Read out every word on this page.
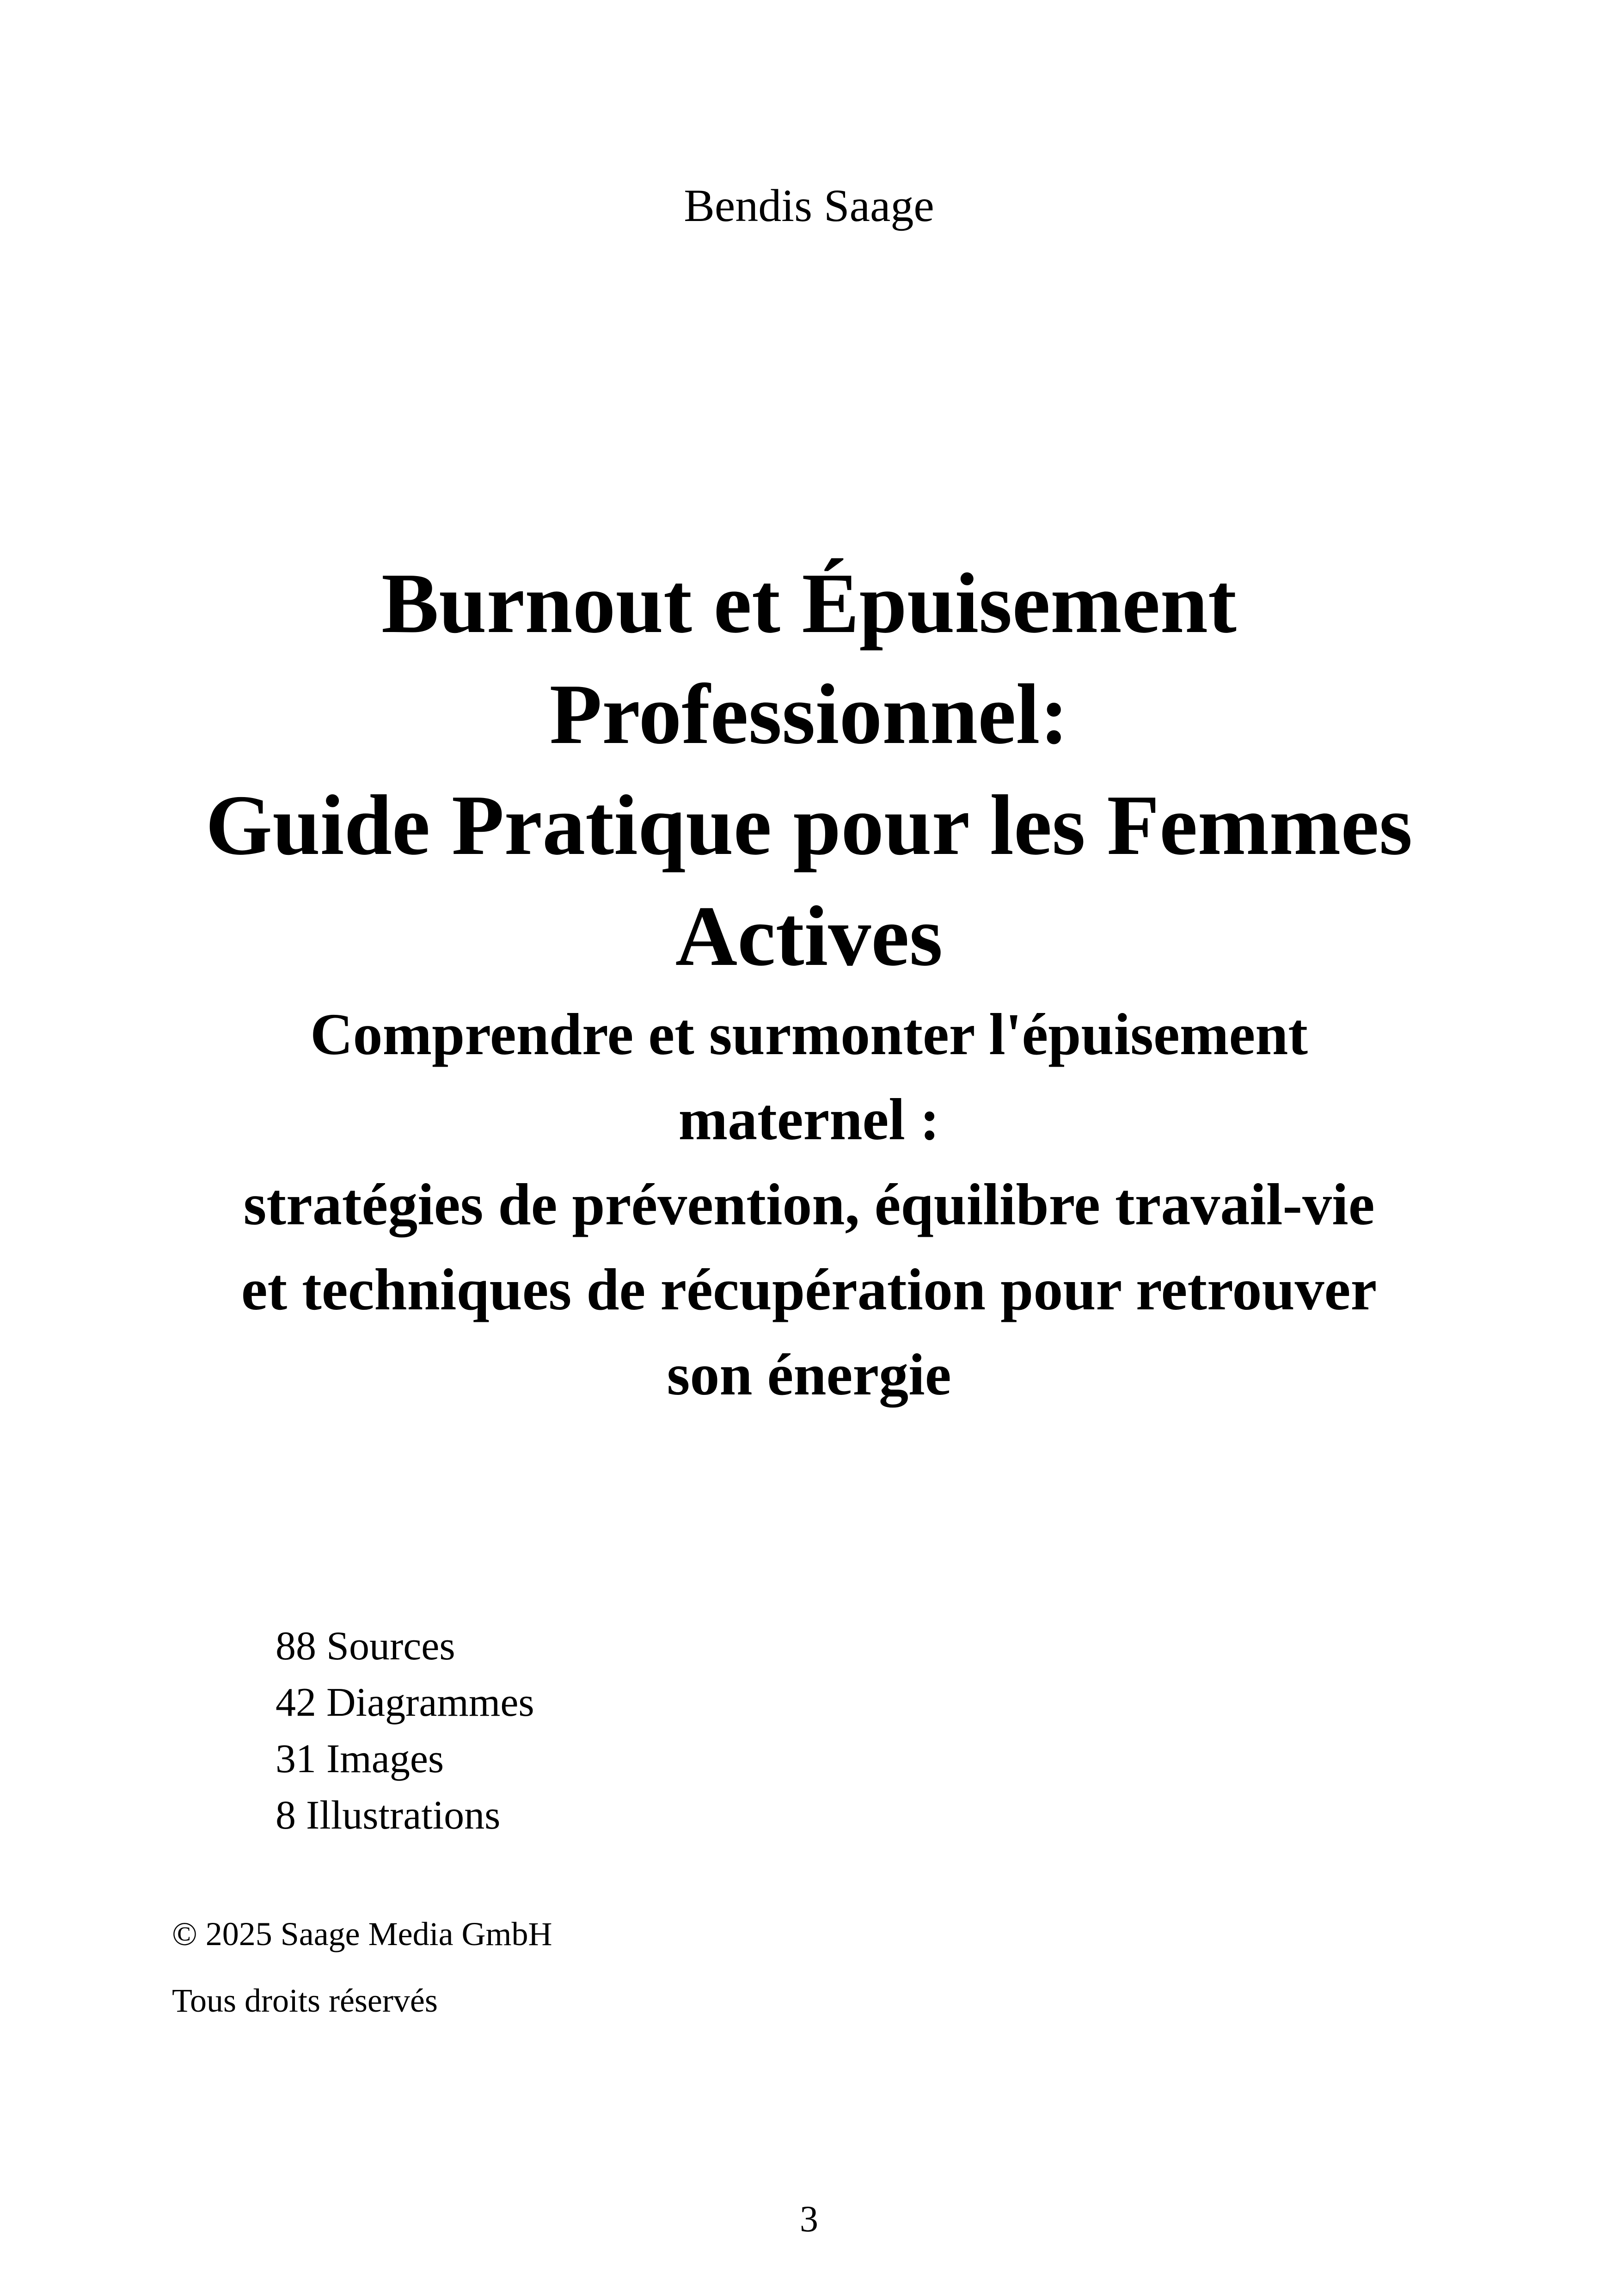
Bendis Saage
Burnout et Épuisement
Professionnel:
Guide Pratique pour les Femmes
Actives
Comprendre et surmonter l'épuisement
maternel :
stratégies de prévention, équilibre travail-vie
et techniques de récupération pour retrouver
son énergie
88 Sources
42 Diagrammes
31 Images
8 Illustrations
© 2025 Saage Media GmbH
Tous droits réservés
3
